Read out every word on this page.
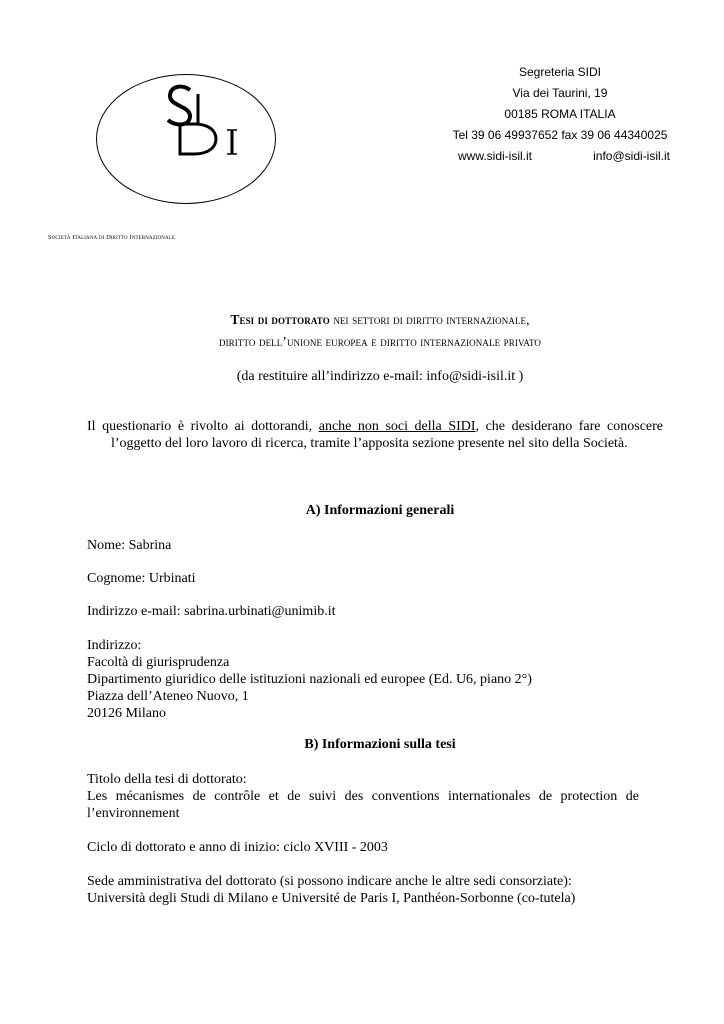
Società Italiana di Diritto Internazionale
Segreteria SIDI
Via dei Taurini, 19
00185 ROMA ITALIA
Tel 39 06 49937652 fax 39 06 44340025
www.sidi-isil.it	info@sidi-isil.it
Tesi di dottorato nei settori di diritto internazionale,
diritto dell’unione europea e diritto internazionale privato
(da restituire all’indirizzo e-mail: info@sidi-isil.it )
Il questionario è rivolto ai dottorandi, anche non soci della SIDI, che desiderano fare conoscere l’oggetto del loro lavoro di ricerca, tramite l’apposita sezione presente nel sito della Società.
A) Informazioni generali
Nome: Sabrina
Cognome: Urbinati
Indirizzo e-mail: sabrina.urbinati@unimib.it
Indirizzo:
Facoltà di giurisprudenza
Dipartimento giuridico delle istituzioni nazionali ed europee (Ed. U6, piano 2°)
Piazza dell’Ateneo Nuovo, 1
20126 Milano
B) Informazioni sulla tesi
Titolo della tesi di dottorato:
Les mécanismes de contrôle et de suivi des conventions internationales de protection de l’environnement
Ciclo di dottorato e anno di inizio: ciclo XVIII - 2003
Sede amministrativa del dottorato (si possono indicare anche le altre sedi consorziate):
Università degli Studi di Milano e Université de Paris I, Panthéon-Sorbonne (co-tutela)
